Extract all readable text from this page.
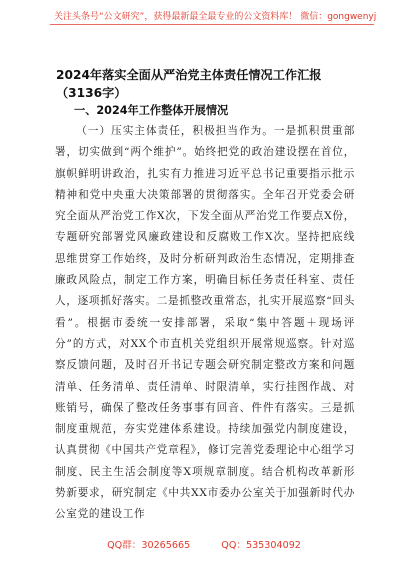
关注头条号“公文研究”，获得最新最全最专业的公文资料库！ 微信：gongwenyj
2024年落实全面从严治党主体责任情况工作汇报（3136字）
一、2024年工作整体开展情况

（一）压实主体责任，积极担当作为。一是抓积贯重部署，切实做到“两个维护”。始终把党的政治建设摆在首位，旗帜鲜明讲政治，扎实有力推进习近平总书记重要指示批示精神和党中央重大决策部署的贯彻落实。全年召开党委会研究全面从严治党工作X次，下发全面从严治党工作要点X份，专题研究部署党风廉政建设和反腐败工作X次。坚持把底线思维贯穿工作始终，及时分析研判政治生态情况，定期排查廉政风险点，制定工作方案，明确目标任务责任科室、责任人，逐项抓好落实。二是抓整改重常态，扎实开展巡察“回头看”。根据市委统一安排部署，采取“集中答题＋现场评分”的方式，对XX个市直机关党组织开展常规巡察。针对巡察反馈问题，及时召开书记专题会研究制定整改方案和问题清单、任务清单、责任清单、时限清单，实行挂图作战、对账销号，确保了整改任务事事有回音、件件有落实。三是抓制度重规范，夯实党建体系建设。持续加强党内制度建设，认真贯彻《中国共产党章程》，修订完善党委理论中心组学习制度、民主生活会制度等X项规章制度。结合机构改革新形势新要求，研究制定《中共XX市委办公室关于加强新时代办公室党的建设工作

QQ群：30265665	QQ：535304092
